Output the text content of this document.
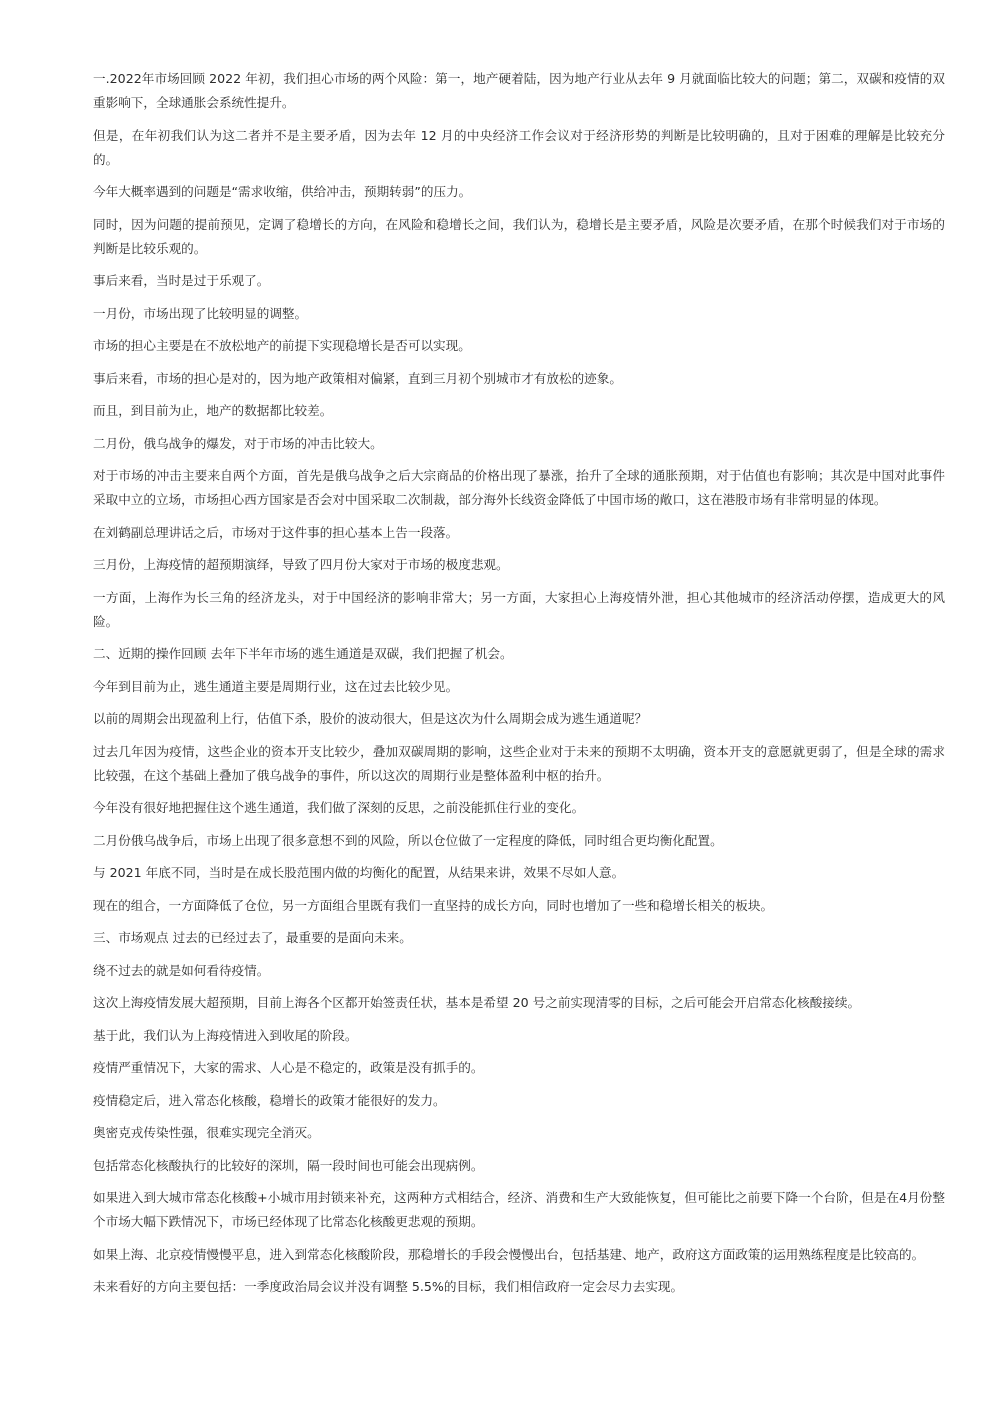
一.2022年市场回顾 2022 年初，我们担心市场的两个风险：第一，地产硬着陆，因为地产行业从去年 9 月就面临比较大的问题；第二，双碳和疫情的双重影响下，全球通胀会系统性提升。

但是，在年初我们认为这二者并不是主要矛盾，因为去年 12 月的中央经济工作会议对于经济形势的判断是比较明确的，且对于困难的理解是比较充分的。

今年大概率遇到的问题是“需求收缩，供给冲击，预期转弱”的压力。

同时，因为问题的提前预见，定调了稳增长的方向，在风险和稳增长之间，我们认为，稳增长是主要矛盾，风险是次要矛盾，在那个时候我们对于市场的判断是比较乐观的。

事后来看，当时是过于乐观了。

一月份，市场出现了比较明显的调整。

市场的担心主要是在不放松地产的前提下实现稳增长是否可以实现。

事后来看，市场的担心是对的，因为地产政策相对偏紧，直到三月初个别城市才有放松的迹象。

而且，到目前为止，地产的数据都比较差。

二月份，俄乌战争的爆发，对于市场的冲击比较大。

对于市场的冲击主要来自两个方面，首先是俄乌战争之后大宗商品的价格出现了暴涨，抬升了全球的通胀预期，对于估值也有影响；其次是中国对此事件采取中立的立场，市场担心西方国家是否会对中国采取二次制裁，部分海外长线资金降低了中国市场的敞口，这在港股市场有非常明显的体现。

在刘鹤副总理讲话之后，市场对于这件事的担心基本上告一段落。

三月份，上海疫情的超预期演绎，导致了四月份大家对于市场的极度悲观。

一方面，上海作为长三角的经济龙头，对于中国经济的影响非常大；另一方面，大家担心上海疫情外泄，担心其他城市的经济活动停摆，造成更大的风险。

二、近期的操作回顾 去年下半年市场的逃生通道是双碳，我们把握了机会。

今年到目前为止，逃生通道主要是周期行业，这在过去比较少见。

以前的周期会出现盈利上行，估值下杀，股价的波动很大，但是这次为什么周期会成为逃生通道呢？

过去几年因为疫情，这些企业的资本开支比较少，叠加双碳周期的影响，这些企业对于未来的预期不太明确，资本开支的意愿就更弱了，但是全球的需求比较强，在这个基础上叠加了俄乌战争的事件，所以这次的周期行业是整体盈利中枢的抬升。

今年没有很好地把握住这个逃生通道，我们做了深刻的反思，之前没能抓住行业的变化。

二月份俄乌战争后，市场上出现了很多意想不到的风险，所以仓位做了一定程度的降低，同时组合更均衡化配置。

与 2021 年底不同，当时是在成长股范围内做的均衡化的配置，从结果来讲，效果不尽如人意。

现在的组合，一方面降低了仓位，另一方面组合里既有我们一直坚持的成长方向，同时也增加了一些和稳增长相关的板块。

三、市场观点 过去的已经过去了，最重要的是面向未来。

绕不过去的就是如何看待疫情。

这次上海疫情发展大超预期，目前上海各个区都开始签责任状，基本是希望 20 号之前实现清零的目标，之后可能会开启常态化核酸接续。

基于此，我们认为上海疫情进入到收尾的阶段。

疫情严重情况下，大家的需求、人心是不稳定的，政策是没有抓手的。

疫情稳定后，进入常态化核酸，稳增长的政策才能很好的发力。

奥密克戎传染性强，很难实现完全消灭。

包括常态化核酸执行的比较好的深圳，隔一段时间也可能会出现病例。

如果进入到大城市常态化核酸+小城市用封锁来补充，这两种方式相结合，经济、消费和生产大致能恢复，但可能比之前要下降一个台阶，但是在4月份整个市场大幅下跌情况下，市场已经体现了比常态化核酸更悲观的预期。

如果上海、北京疫情慢慢平息，进入到常态化核酸阶段，那稳增长的手段会慢慢出台，包括基建、地产，政府这方面政策的运用熟练程度是比较高的。

未来看好的方向主要包括：一季度政治局会议并没有调整 5.5%的目标，我们相信政府一定会尽力去实现。
